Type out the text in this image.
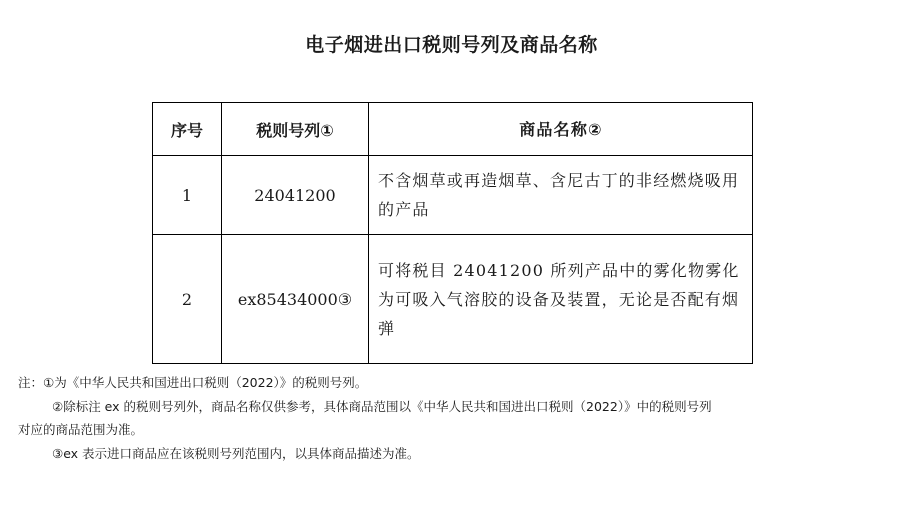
电子烟进出口税则号列及商品名称
序号	税则号列①	商品名称②
1	24041200	不含烟草或再造烟草、含尼古丁的非经燃烧吸用的产品
2	ex85434000③	可将税目 24041200 所列产品中的雾化物雾化为可吸入气溶胶的设备及装置，无论是否配有烟弹
注：①为《中华人民共和国进出口税则（2022）》的税则号列。
②除标注 ex 的税则号列外，商品名称仅供参考，具体商品范围以《中华人民共和国进出口税则（2022）》中的税则号列
对应的商品范围为准。
③ex 表示进口商品应在该税则号列范围内，以具体商品描述为准。
